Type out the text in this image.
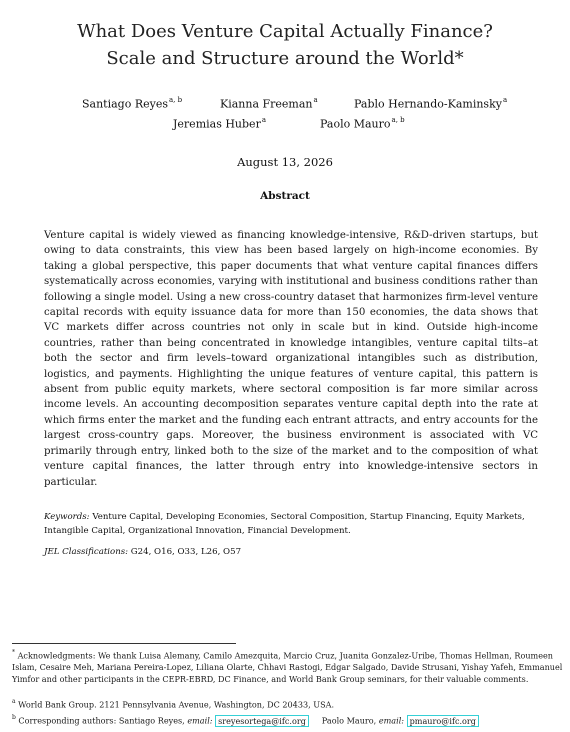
What Does Venture Capital Actually Finance?
Scale and Structure around the World*
Santiago Reyes$^{a, b}$	Kianna Freeman$^a$	Pablo Hernando-Kaminsky$^a$
Jeremias Huber$^a$	Paolo Mauro$^{a, b}$
August 13, 2026
Abstract

Venture capital is widely viewed as financing knowledge-intensive, R&D-driven startups, but owing to data constraints, this view has been based largely on high-income economies. By taking a global perspective, this paper documents that what venture capital finances differs systematically across economies, varying with institutional and business conditions rather than following a single model. Using a new cross-country dataset that harmonizes firm-level venture capital records with equity issuance data for more than 150 economies, the data shows that VC markets differ across countries not only in scale but in kind. Outside high-income countries, rather than being concentrated in knowledge intangibles, venture capital tilts–at both the sector and firm levels–toward organizational intangibles such as distribution, logistics, and payments. Highlighting the unique features of venture capital, this pattern is absent from public equity markets, where sectoral composition is far more similar across income levels. An accounting decomposition separates venture capital depth into the rate at which firms enter the market and the funding each entrant attracts, and entry accounts for the largest cross-country gaps. Moreover, the business environment is associated with VC primarily through entry, linked both to the size of the market and to the composition of what venture capital finances, the latter through entry into knowledge-intensive sectors in particular.

Keywords: Venture Capital, Developing Economies, Sectoral Composition, Startup Financing, Equity Markets, Intangible Capital, Organizational Innovation, Financial Development.
JEL Classifications: G24, O16, O33, L26, O57
* Acknowledgments: We thank Luisa Alemany, Camilo Amezquita, Marcio Cruz, Juanita Gonzalez-Uribe, Thomas Hellman, Roumeen Islam, Cesaire Meh, Mariana Pereira-Lopez, Liliana Olarte, Chhavi Rastogi, Edgar Salgado, Davide Strusani, Yishay Yafeh, Emmanuel Yimfor and other participants in the CEPR-EBRD, DC Finance, and World Bank Group seminars, for their valuable comments.
$^a$ World Bank Group. 2121 Pennsylvania Avenue, Washington, DC 20433, USA.
$^b$ Corresponding authors: Santiago Reyes, email: sreyesortega@ifc.org Paolo Mauro, email: pmauro@ifc.org
